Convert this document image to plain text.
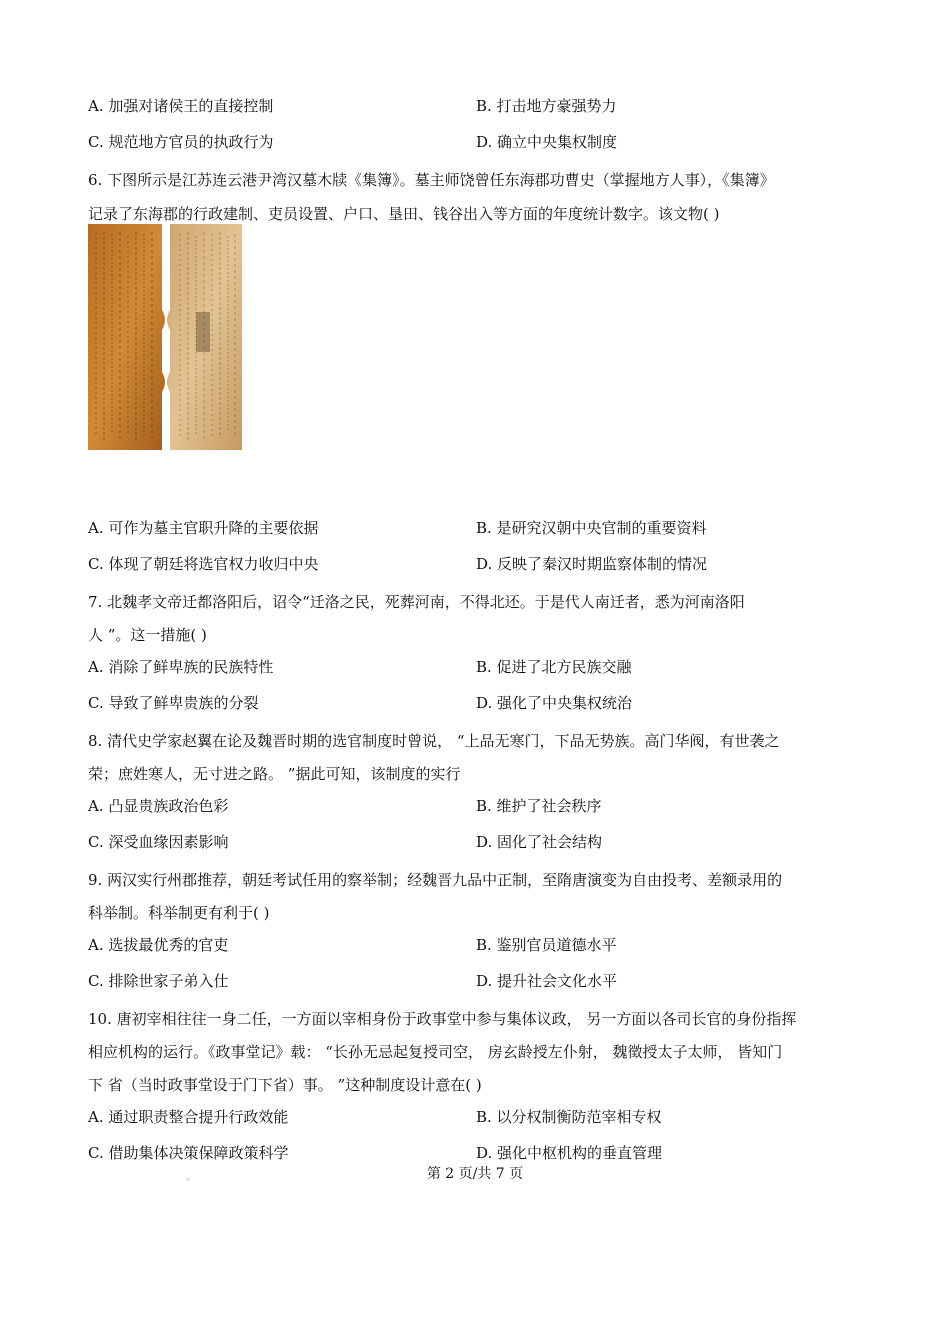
A. 加强对诸侯王的直接控制	B. 打击地方豪强势力
C. 规范地方官员的执政行为	D. 确立中央集权制度
6. 下图所示是江苏连云港尹湾汉墓木牍《集簿》。墓主师饶曾任东海郡功曹史（掌握地方人事），《集簿》
记录了东海郡的行政建制、吏员设置、户口、垦田、钱谷出入等方面的年度统计数字。该文物( )
A. 可作为墓主官职升降的主要依据	B. 是研究汉朝中央官制的重要资料
C. 体现了朝廷将选官权力收归中央	D. 反映了秦汉时期监察体制的情况
7. 北魏孝文帝迁都洛阳后，诏令“迁洛之民，死葬河南，不得北还。于是代人南迁者，悉为河南洛阳
人 ”。这一措施( )
A. 消除了鲜卑族的民族特性	B. 促进了北方民族交融
C. 导致了鲜卑贵族的分裂	D. 强化了中央集权统治
8. 清代史学家赵翼在论及魏晋时期的选官制度时曾说， “上品无寒门，下品无势族。高门华阀，有世袭之
荣；庶姓寒人，无寸进之路。 ”据此可知，该制度的实行
A. 凸显贵族政治色彩	B. 维护了社会秩序
C. 深受血缘因素影响	D. 固化了社会结构
9. 两汉实行州郡推荐，朝廷考试任用的察举制；经魏晋九品中正制，至隋唐演变为自由投考、差额录用的
科举制。科举制更有利于( )
A. 选拔最优秀的官吏	B. 鉴别官员道德水平
C. 排除世家子弟入仕	D. 提升社会文化水平
10. 唐初宰相往往一身二任，一方面以宰相身份于政事堂中参与集体议政， 另一方面以各司长官的身份指挥
相应机构的运行。《政事堂记》载： “长孙无忌起复授司空， 房玄龄授左仆射， 魏徵授太子太师， 皆知门
下 省（当时政事堂设于门下省）事。 ”这种制度设计意在( )
A. 通过职责整合提升行政效能	B. 以分权制衡防范宰相专权
C. 借助集体决策保障政策科学	D. 强化中枢机构的垂直管理
。	第 2 页/共 7 页
